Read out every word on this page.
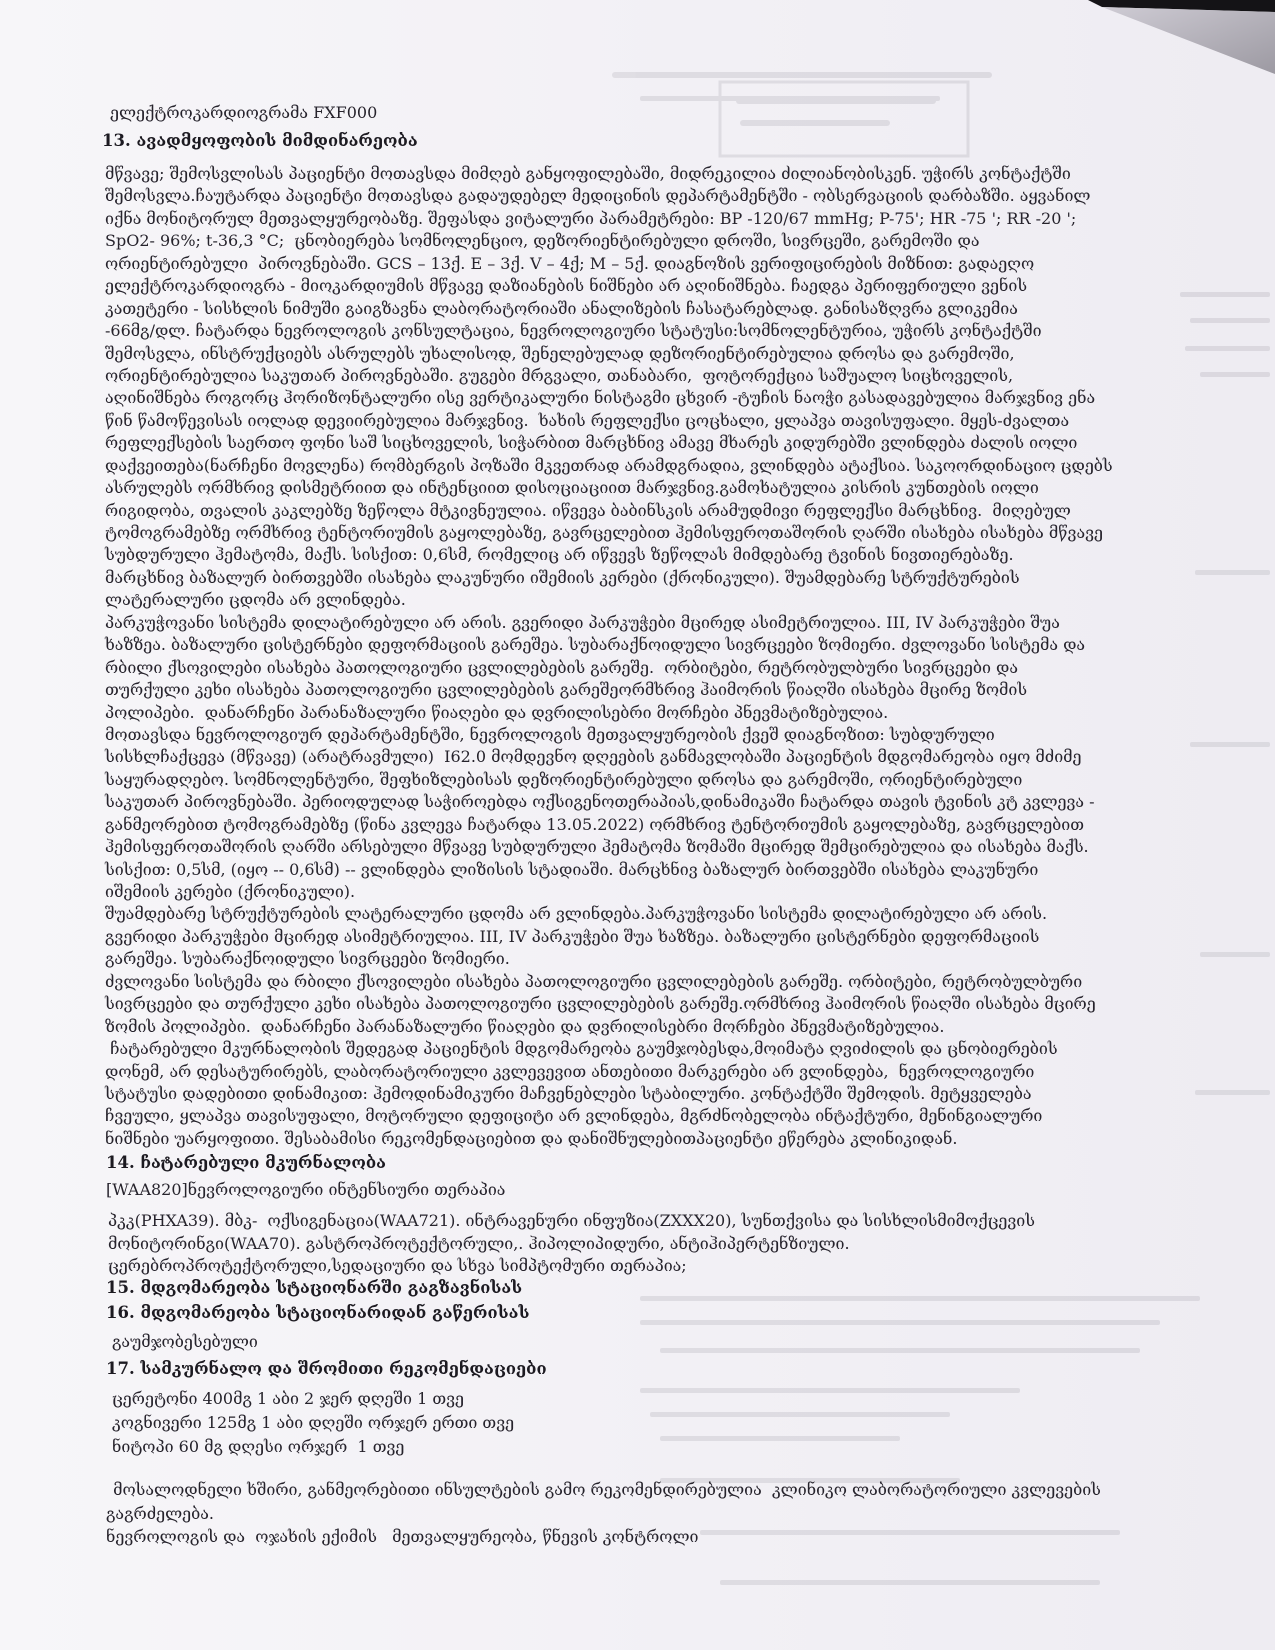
ელექტროკარდიოგრამა FXF000
13. ავადმყოფობის მიმდინარეობა
მწვავე; შემოსვლისას პაციენტი მოთავსდა მიმღებ განყოფილებაში, მიდრეკილია ძილიანობისკენ. უჭირს კონტაქტში
შემოსვლა.ჩაუტარდა პაციენტი მოთავსდა გადაუდებელ მედიცინის დეპარტამენტში - ობსერვაციის დარბაზში. აყვანილ
იქნა მონიტორულ მეთვალყურეობაზე. შეფასდა ვიტალური პარამეტრები: BP -120/67 mmHg; P-75'; HR -75 '; RR -20 ';
SpO2- 96%; t-36,3 °C;  ცნობიერება სომნოლენციო, დეზორიენტირებული დროში, სივრცეში, გარემოში და
ორიენტირებული  პიროვნებაში. GCS – 13ქ. E – 3ქ. V – 4ქ; M – 5ქ. დიაგნოზის ვერიფიცირების მიზნით: გადაეღო
ელექტროკარდიოგრა - მიოკარდიუმის მწვავე დაზიანების ნიშნები არ აღინიშნება. ჩაედგა პერიფერიული ვენის
კათეტერი - სისხლის ნიმუში გაიგზავნა ლაბორატორიაში ანალიზების ჩასატარებლად. განისაზღვრა გლიკემია
-66მგ/დლ. ჩატარდა ნევროლოგის კონსულტაცია, ნევროლოგიური სტატუსი:სომნოლენტურია, უჭირს კონტაქტში
შემოსვლა, ინსტრუქციებს ასრულებს უხალისოდ, შენელებულად დეზორიენტირებულია დროსა და გარემოში,
ორიენტირებულია საკუთარ პიროვნებაში. გუგები მრგვალი, თანაბარი,  ფოტორექცია საშუალო სიცხოველის,
აღინიშნება როგორც ჰორიზონტალური ისე ვერტიკალური ნისტაგმი ცხვირ -ტუჩის ნაოჭი გასადავებულია მარჯვნივ ენა
წინ წამოწევისას იოლად დევიირებულია მარჯვნივ.  ხახის რეფლექსი ცოცხალი, ყლაპვა თავისუფალი. მყეს-ძვალთა
რეფლექსების საერთო ფონი საშ სიცხოველის, სიჭარბით მარცხნივ ამავე მხარეს კიდურებში ვლინდება ძალის იოლი
დაქვეითება(ნარჩენი მოვლენა) რომბერგის პოზაში მკვეთრად არამდგრადია, ვლინდება ატაქსია. საკოორდინაციო ცდებს
ასრულებს ორმხრივ დისმეტრიით და ინტენციით დისოციაციით მარჯვნივ.გამოხატულია კისრის კუნთების იოლი
რიგიდობა, თვალის კაკლებზე ზეწოლა მტკივნეულია. იწვევა ბაბინსკის არამუდმივი რეფლექსი მარცხნივ.  მიღებულ
ტომოგრამებზე ორმხრივ ტენტორიუმის გაყოლებაზე, გავრცელებით ჰემისფეროთაშორის ღარში ისახება ისახება მწვავე
სუბდურული ჰემატომა, მაქს. სისქით: 0,6სმ, რომელიც არ იწვევს ზეწოლას მიმდებარე ტვინის ნივთიერებაზე.
მარცხნივ ბაზალურ ბირთვებში ისახება ლაკუნური იშემიის კერები (ქრონიკული). შუამდებარე სტრუქტურების
ლატერალური ცდომა არ ვლინდება.
პარკუჭოვანი სისტემა დილატირებული არ არის. გვერიდი პარკუჭები მცირედ ასიმეტრიულია. III, IV პარკუჭები შუა
ხაზზეა. ბაზალური ცისტერნები დეფორმაციის გარეშეა. სუბარაქნოიდული სივრცეები ზომიერი. ძვლოვანი სისტემა და
რბილი ქსოვილები ისახება პათოლოგიური ცვლილებების გარეშე.  ორბიტები, რეტრობულბური სივრცეები და
თურქული კეხი ისახება პათოლოგიური ცვლილებების გარეშეორმხრივ ჰაიმორის წიაღში ისახება მცირე ზომის
პოლიპები.  დანარჩენი პარანაზალური წიაღები და დვრილისებრი მორჩები პნევმატიზებულია.
მოთავსდა ნევროლოგიურ დეპარტამენტში, ნევროლოგის მეთვალყურეობის ქვეშ დიაგნოზით: სუბდურული
სისხლჩაქცევა (მწვავე) (არატრავმული)  I62.0 მომდევნო დღეების განმავლობაში პაციენტის მდგომარეობა იყო მძიმე
საყურადღებო. სომნოლენტური, შეფხიზლებისას დეზორიენტირებული დროსა და გარემოში, ორიენტირებული
საკუთარ პიროვნებაში. პერიოდულად საჭიროებდა ოქსიგენოთერაპიას,დინამიკაში ჩატარდა თავის ტვინის კტ კვლევა -
განმეორებით ტომოგრამებზე (წინა კვლევა ჩატარდა 13.05.2022) ორმხრივ ტენტორიუმის გაყოლებაზე, გავრცელებით
ჰემისფეროთაშორის ღარში არსებული მწვავე სუბდურული ჰემატომა ზომაში მცირედ შემცირებულია და ისახება მაქს.
სისქით: 0,5სმ, (იყო -- 0,6სმ) -- ვლინდება ლიზისის სტადიაში. მარცხნივ ბაზალურ ბირთვებში ისახება ლაკუნური
იშემიის კერები (ქრონიკული).
შუამდებარე სტრუქტურების ლატერალური ცდომა არ ვლინდება.პარკუჭოვანი სისტემა დილატირებული არ არის.
გვერიდი პარკუჭები მცირედ ასიმეტრიულია. III, IV პარკუჭები შუა ხაზზეა. ბაზალური ცისტერნები დეფორმაციის
გარეშეა. სუბარაქნოიდული სივრცეები ზომიერი.
ძვლოვანი სისტემა და რბილი ქსოვილები ისახება პათოლოგიური ცვლილებების გარეშე. ორბიტები, რეტრობულბური
სივრცეები და თურქული კეხი ისახება პათოლოგიური ცვლილებების გარეშე.ორმხრივ ჰაიმორის წიაღში ისახება მცირე
ზომის პოლიპები.  დანარჩენი პარანაზალური წიაღები და დვრილისებრი მორჩები პნევმატიზებულია.
ჩატარებული მკურნალობის შედეგად პაციენტის მდგომარეობა გაუმჯობესდა,მოიმატა ღვიძილის და ცნობიერების
დონემ, არ დესატურირებს, ლაბორატორიული კვლევევით ანთებითი მარკერები არ ვლინდება,  ნევროლოგიური
სტატუსი დადებითი დინამიკით: ჰემოდინამიკური მაჩვენებლები სტაბილური. კონტაქტში შემოდის. მეტყველება
ჩვეული, ყლაპვა თავისუფალი, მოტორული დეფიციტი არ ვლინდება, მგრძნობელობა ინტაქტური, მენინგიალური
ნიშნები უარყოფითი. შესაბამისი რეკომენდაციებით და დანიშნულებითპაციენტი ეწერება კლინიკიდან.
14. ჩატარებული მკურნალობა
[WAA820]ნევროლოგიური ინტენსიური თერაპია
პკკ(PHXA39). მბკ-  ოქსიგენაცია(WAA721). ინტრავენური ინფუზია(ZXXX20), სუნთქვისა და სისხლისმიმოქცევის
მონიტორინგი(WAA70). გასტროპროტექტორული,. ჰიპოლიპიდური, ანტიჰიპერტენზიული.
ცერებროპროტექტორული,სედაციური და სხვა სიმპტომური თერაპია;
15. მდგომარეობა სტაციონარში გაგზავნისას
16. მდგომარეობა სტაციონარიდან გაწერისას
გაუმჯობესებული
17. სამკურნალო და შრომითი რეკომენდაციები
ცერეტონი 400მგ 1 აბი 2 ჯერ დღეში 1 თვე
კოგნივერი 125მგ 1 აბი დღეში ორჯერ ერთი თვე
ნიტოპი 60 მგ დღესი ორჯერ  1 თვე
მოსალოდნელი ხშირი, განმეორებითი ინსულტების გამო რეკომენდირებულია  კლინიკო ლაბორატორიული კვლევების
გაგრძელება.
ნევროლოგის და  ოჯახის ექიმის   მეთვალყურეობა, წნევის კონტროლი
